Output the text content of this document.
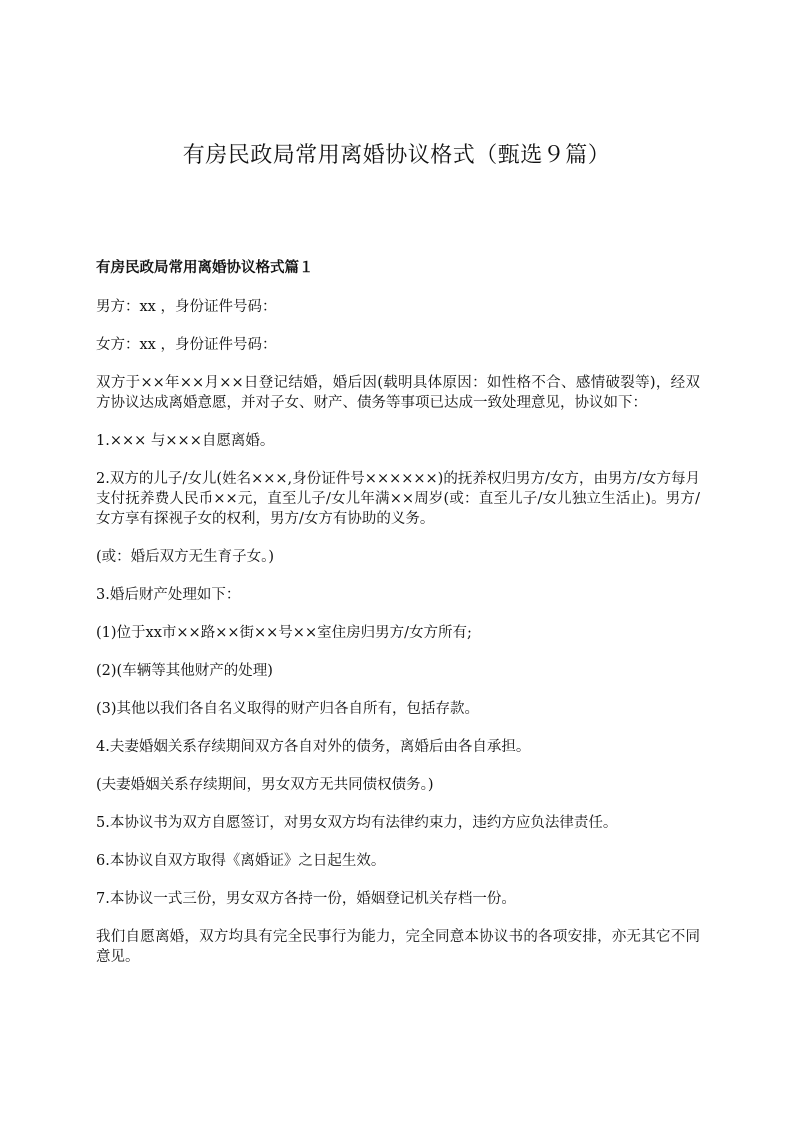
有房民政局常用离婚协议格式（甄选９篇）
有房民政局常用离婚协议格式篇１

男方：xx ，身份证件号码：

女方：xx ，身份证件号码：

双方于××年××月××日登记结婚，婚后因(载明具体原因：如性格不合、感情破裂等)，经双方协议达成离婚意愿，并对子女、财产、债务等事项已达成一致处理意见，协议如下：

1.××× 与×××自愿离婚。

2.双方的儿子/女儿(姓名×××,身份证件号××××××)的抚养权归男方/女方，由男方/女方每月支付抚养费人民币××元，直至儿子/女儿年满××周岁(或：直至儿子/女儿独立生活止)。男方/女方享有探视子女的权利，男方/女方有协助的义务。

(或：婚后双方无生育子女。)

3.婚后财产处理如下：

(1)位于xx市××路××街××号××室住房归男方/女方所有;

(2)(车辆等其他财产的处理)

(3)其他以我们各自名义取得的财产归各自所有，包括存款。

4.夫妻婚姻关系存续期间双方各自对外的债务，离婚后由各自承担。

(夫妻婚姻关系存续期间，男女双方无共同债权债务。)

5.本协议书为双方自愿签订，对男女双方均有法律约束力，违约方应负法律责任。

6.本协议自双方取得《离婚证》之日起生效。

7.本协议一式三份，男女双方各持一份，婚姻登记机关存档一份。

我们自愿离婚，双方均具有完全民事行为能力，完全同意本协议书的各项安排，亦无其它不同意见。
